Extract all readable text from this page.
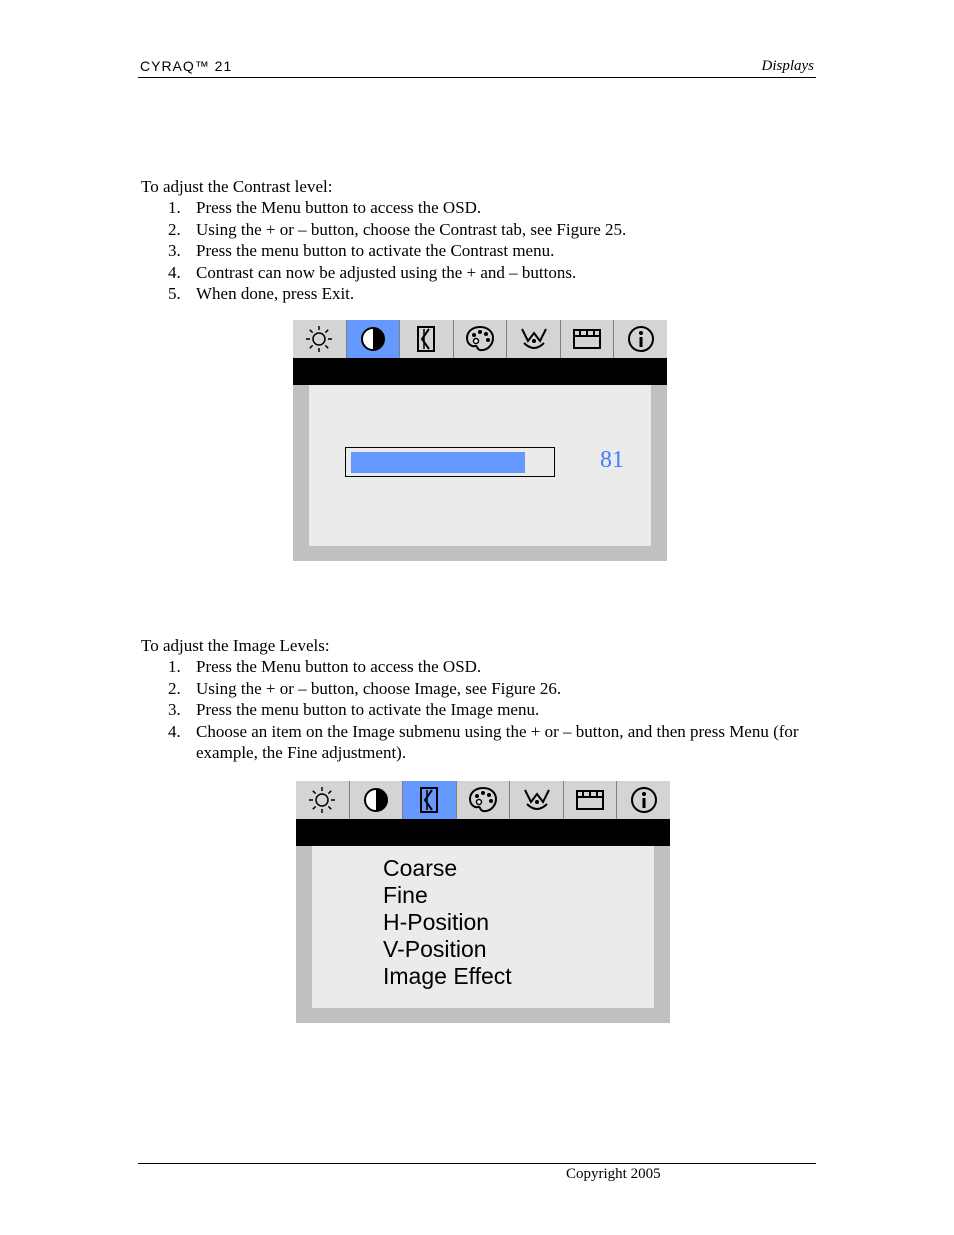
CYRAQ™ 21	Displays
To adjust the Contrast level:
1. Press the Menu button to access the OSD.
2. Using the + or – button, choose the Contrast tab, see Figure 25.
3. Press the menu button to activate the Contrast menu.
4. Contrast can now be adjusted using the + and – buttons.
5. When done, press Exit.
81
To adjust the Image Levels:
1. Press the Menu button to access the OSD.
2. Using the + or – button, choose Image, see Figure 26.
3. Press the menu button to activate the Image menu.
4. Choose an item on the Image submenu using the + or – button, and then press Menu (for example, the Fine adjustment).
Coarse
Fine
H-Position
V-Position
Image Effect
Copyright 2005
